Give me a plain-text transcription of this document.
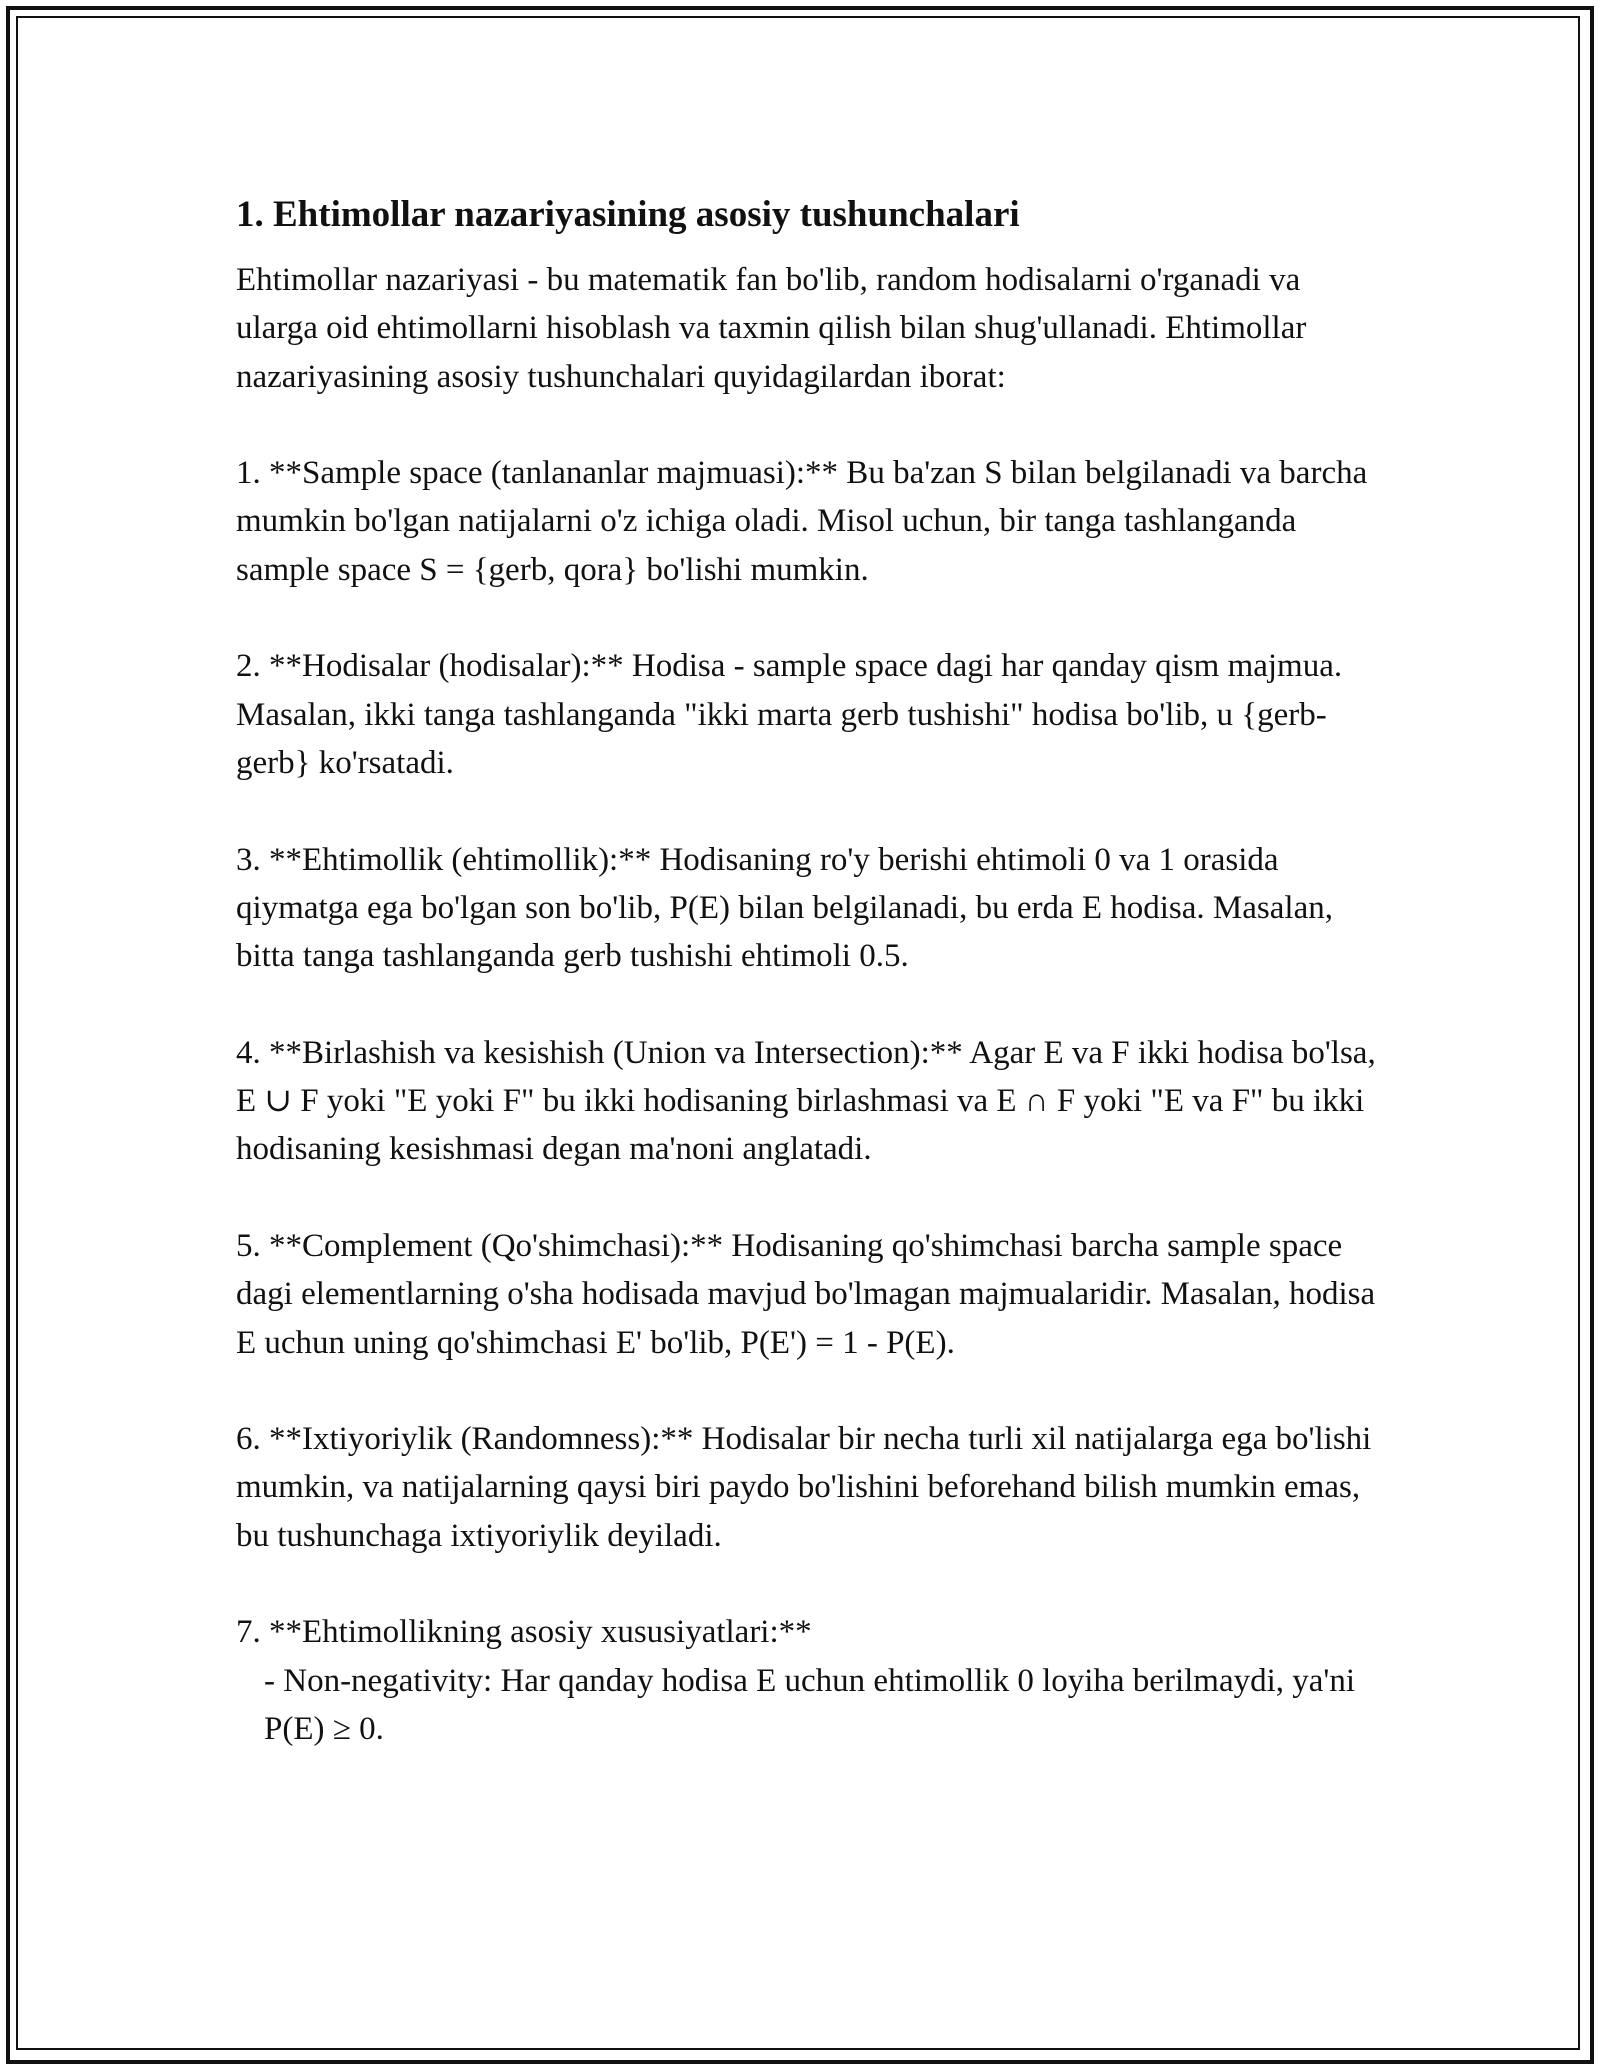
1. Ehtimollar nazariyasining asosiy tushunchalari
Ehtimollar nazariyasi - bu matematik fan bo'lib, random hodisalarni o'rganadi va ularga oid ehtimollarni hisoblash va taxmin qilish bilan shug'ullanadi. Ehtimollar nazariyasining asosiy tushunchalari quyidagilardan iborat:
1. **Sample space (tanlananlar majmuasi):** Bu ba'zan S bilan belgilanadi va barcha mumkin bo'lgan natijalarni o'z ichiga oladi. Misol uchun, bir tanga tashlanganda sample space S = {gerb, qora} bo'lishi mumkin.
2. **Hodisalar (hodisalar):** Hodisa - sample space dagi har qanday qism majmua. Masalan, ikki tanga tashlanganda "ikki marta gerb tushishi" hodisa bo'lib, u {gerb-gerb} ko'rsatadi.
3. **Ehtimollik (ehtimollik):** Hodisaning ro'y berishi ehtimoli 0 va 1 orasida qiymatga ega bo'lgan son bo'lib, P(E) bilan belgilanadi, bu erda E hodisa. Masalan, bitta tanga tashlanganda gerb tushishi ehtimoli 0.5.
4. **Birlashish va kesishish (Union va Intersection):** Agar E va F ikki hodisa bo'lsa, E ∪ F yoki "E yoki F" bu ikki hodisaning birlashmasi va E ∩ F yoki "E va F" bu ikki hodisaning kesishmasi degan ma'noni anglatadi.
5. **Complement (Qo'shimchasi):** Hodisaning qo'shimchasi barcha sample space dagi elementlarning o'sha hodisada mavjud bo'lmagan majmualaridir. Masalan, hodisa E uchun uning qo'shimchasi E' bo'lib, P(E') = 1 - P(E).
6. **Ixtiyoriylik (Randomness):** Hodisalar bir necha turli xil natijalarga ega bo'lishi mumkin, va natijalarning qaysi biri paydo bo'lishini beforehand bilish mumkin emas, bu tushunchaga ixtiyoriylik deyiladi.
7. **Ehtimollikning asosiy xususiyatlari:**
- Non-negativity: Har qanday hodisa E uchun ehtimollik 0 loyiha berilmaydi, ya'ni P(E) ≥ 0.
